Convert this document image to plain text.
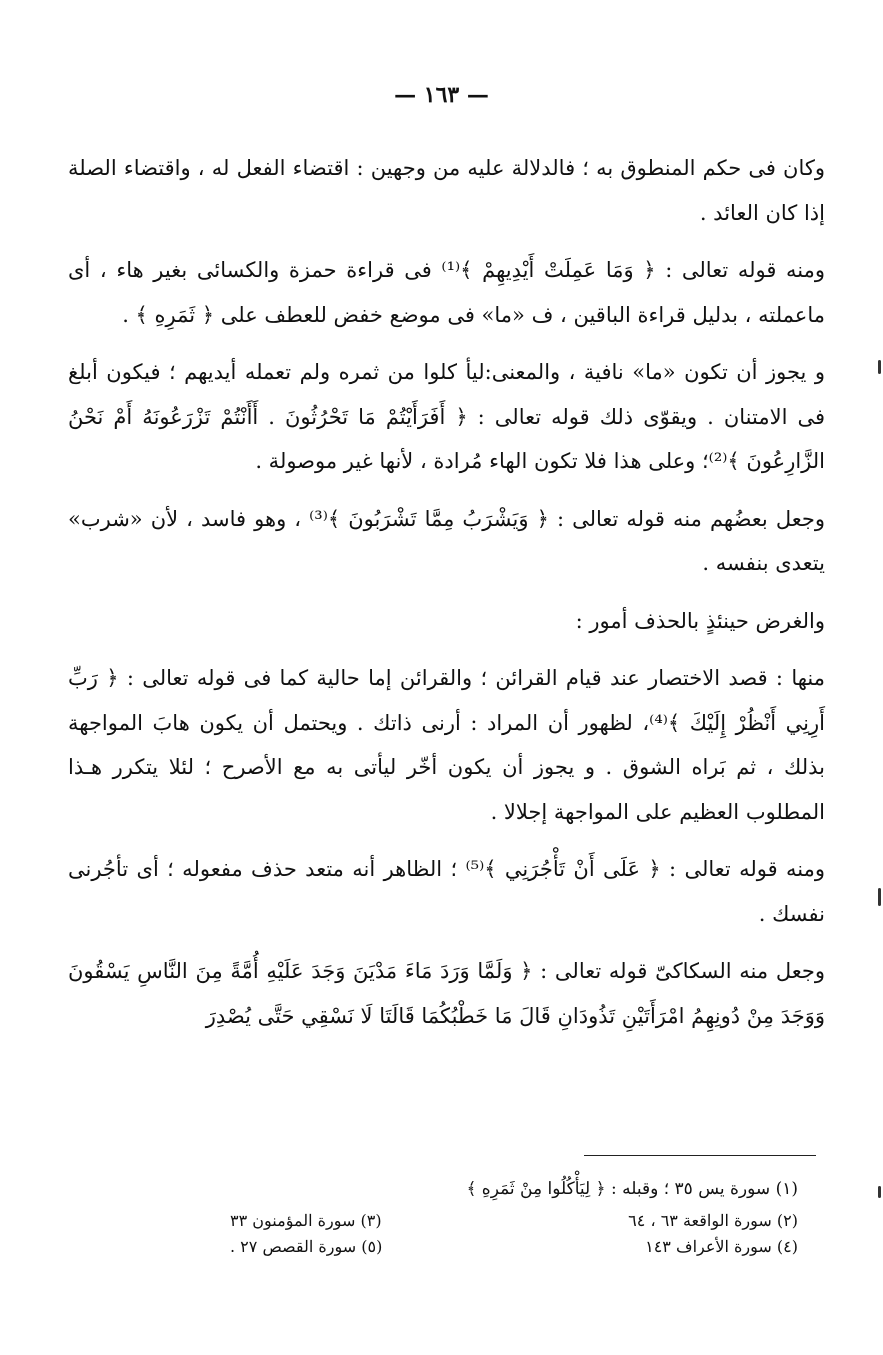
— ١٦٣ —

وكان فى حكم المنطوق به ؛ فالدلالة عليه من وجهين : اقتضاء الفعل له ، واقتضاء الصلة إذا كان العائد .

ومنه قوله تعالى : ﴿ وَمَا عَمِلَتْ أَيْدِيهِمْ ﴾⁽¹⁾ فى قراءة حمزة والكسائى بغير هاء ، أى ماعملته ، بدليل قراءة الباقين ، ف «ما» فى موضع خفض للعطف على ﴿ ثَمَرِهِ ﴾ .

و يجوز أن تكون «ما» نافية ، والمعنى:ليأ كلوا من ثمره ولم تعمله أيديهم ؛ فيكون أبلغ فى الامتنان . ويقوّى ذلك قوله تعالى : ﴿ أَفَرَأَيْتُمْ مَا تَحْرُثُونَ . أَأَنْتُمْ تَزْرَعُونَهُ أَمْ نَحْنُ الزَّارِعُونَ ﴾⁽²⁾؛ وعلى هذا فلا تكون الهاء مُرادة ، لأنها غير موصولة .

وجعل بعضُهم منه قوله تعالى : ﴿ وَيَشْرَبُ مِمَّا تَشْرَبُونَ ﴾⁽³⁾ ، وهو فاسد ، لأن «شرب» يتعدى بنفسه .

والغرض حينئذٍ بالحذف أمور :

منها : قصد الاختصار عند قيام القرائن ؛ والقرائن إما حالية كما فى قوله تعالى : ﴿ رَبِّ أَرِنِي أَنْظُرْ إِلَيْكَ ﴾⁽⁴⁾، لظهور أن المراد : أرنى ذاتك . ويحتمل أن يكون هابَ المواجهة بذلك ، ثم بَراه الشوق . و يجوز أن يكون أخّر ليأتى به مع الأصرح ؛ لئلا يتكرر هـذا المطلوب العظيم على المواجهة إجلالا .

ومنه قوله تعالى : ﴿ عَلَى أَنْ تَأْجُرَنِي ﴾⁽⁵⁾ ؛ الظاهر أنه متعد حذف مفعوله ؛ أى تأجُرنى نفسك .

وجعل منه السكاكىّ قوله تعالى : ﴿ وَلَمَّا وَرَدَ مَاءَ مَدْيَنَ وَجَدَ عَلَيْهِ أُمَّةً مِنَ النَّاسِ يَسْقُونَ وَوَجَدَ مِنْ دُونِهِمُ امْرَأَتَيْنِ تَذُودَانِ قَالَ مَا خَطْبُكُمَا قَالَتَا لَا نَسْقِي حَتَّى يُصْدِرَ

(١) سورة يس ٣٥ ؛ وقبله : ﴿ لِيَأْكُلُوا مِنْ ثَمَرِهِ ﴾
(٢) سورة الواقعة ٦٣ ، ٦٤
(٣) سورة المؤمنون ٣٣
(٤) سورة الأعراف ١٤٣
(٥) سورة القصص ٢٧ .
